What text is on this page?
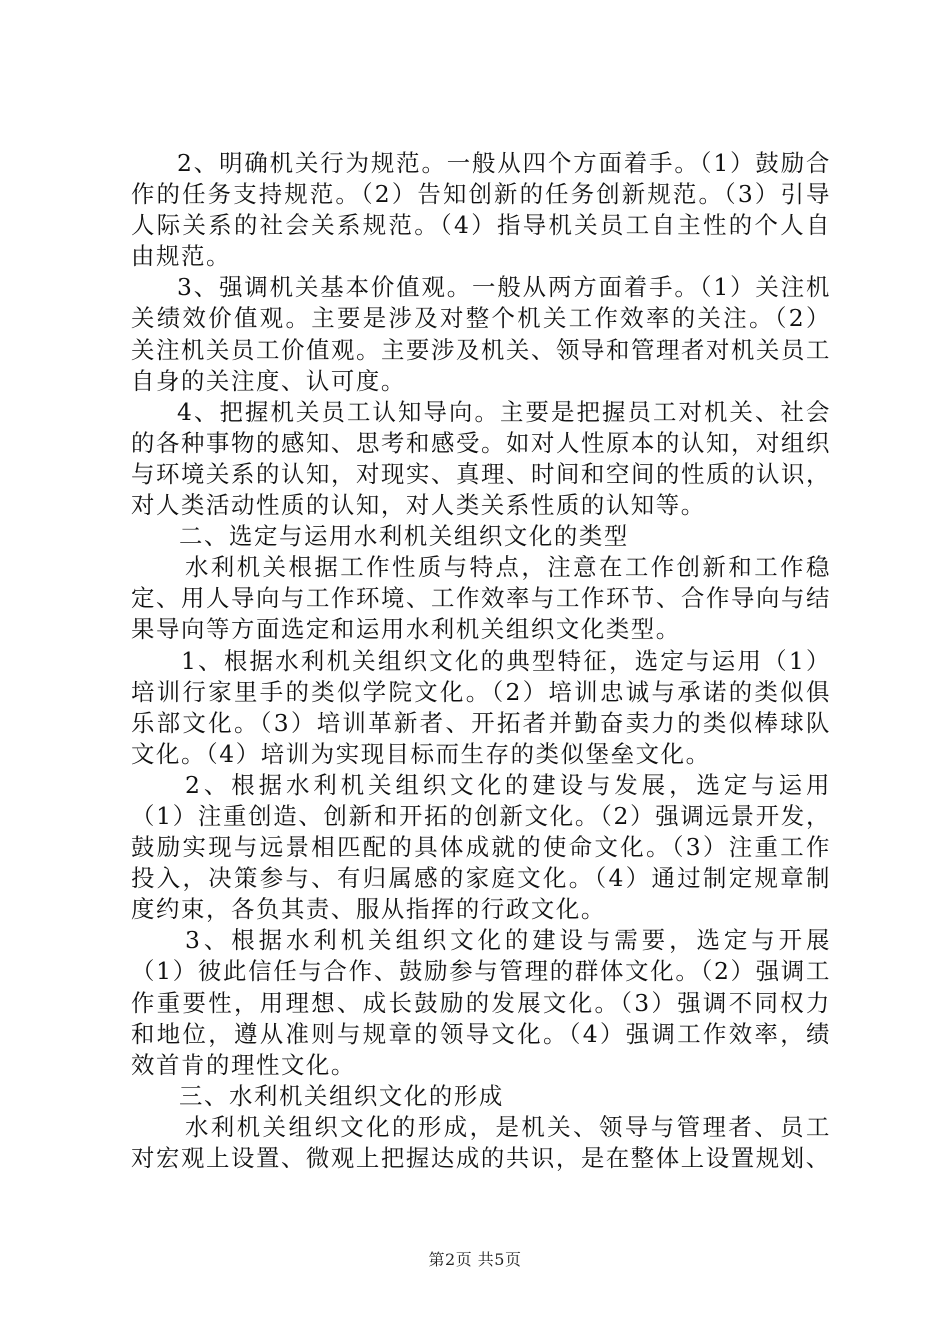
2、明确机关行为规范。一般从四个方面着手。（1）鼓励合作的任务支持规范。（2）告知创新的任务创新规范。（3）引导人际关系的社会关系规范。（4）指导机关员工自主性的个人自由规范。

3、强调机关基本价值观。一般从两方面着手。（1）关注机关绩效价值观。主要是涉及对整个机关工作效率的关注。（2）关注机关员工价值观。主要涉及机关、领导和管理者对机关员工自身的关注度、认可度。

4、把握机关员工认知导向。主要是把握员工对机关、社会的各种事物的感知、思考和感受。如对人性原本的认知，对组织与环境关系的认知，对现实、真理、时间和空间的性质的认识，对人类活动性质的认知，对人类关系性质的认知等。

二、选定与运用水利机关组织文化的类型

水利机关根据工作性质与特点，注意在工作创新和工作稳定、用人导向与工作环境、工作效率与工作环节、合作导向与结果导向等方面选定和运用水利机关组织文化类型。

1、根据水利机关组织文化的典型特征，选定与运用（1）培训行家里手的类似学院文化。（2）培训忠诚与承诺的类似俱乐部文化。（3）培训革新者、开拓者并勤奋卖力的类似棒球队文化。（4）培训为实现目标而生存的类似堡垒文化。

2、根据水利机关组织文化的建设与发展，选定与运用（1）注重创造、创新和开拓的创新文化。（2）强调远景开发，鼓励实现与远景相匹配的具体成就的使命文化。（3）注重工作投入，决策参与、有归属感的家庭文化。（4）通过制定规章制度约束，各负其责、服从指挥的行政文化。

3、根据水利机关组织文化的建设与需要，选定与开展（1）彼此信任与合作、鼓励参与管理的群体文化。（2）强调工作重要性，用理想、成长鼓励的发展文化。（3）强调不同权力和地位，遵从准则与规章的领导文化。（4）强调工作效率，绩效首肯的理性文化。

三、水利机关组织文化的形成

水利机关组织文化的形成，是机关、领导与管理者、员工对宏观上设置、微观上把握达成的共识，是在整体上设置规划、

第2页 共5页
